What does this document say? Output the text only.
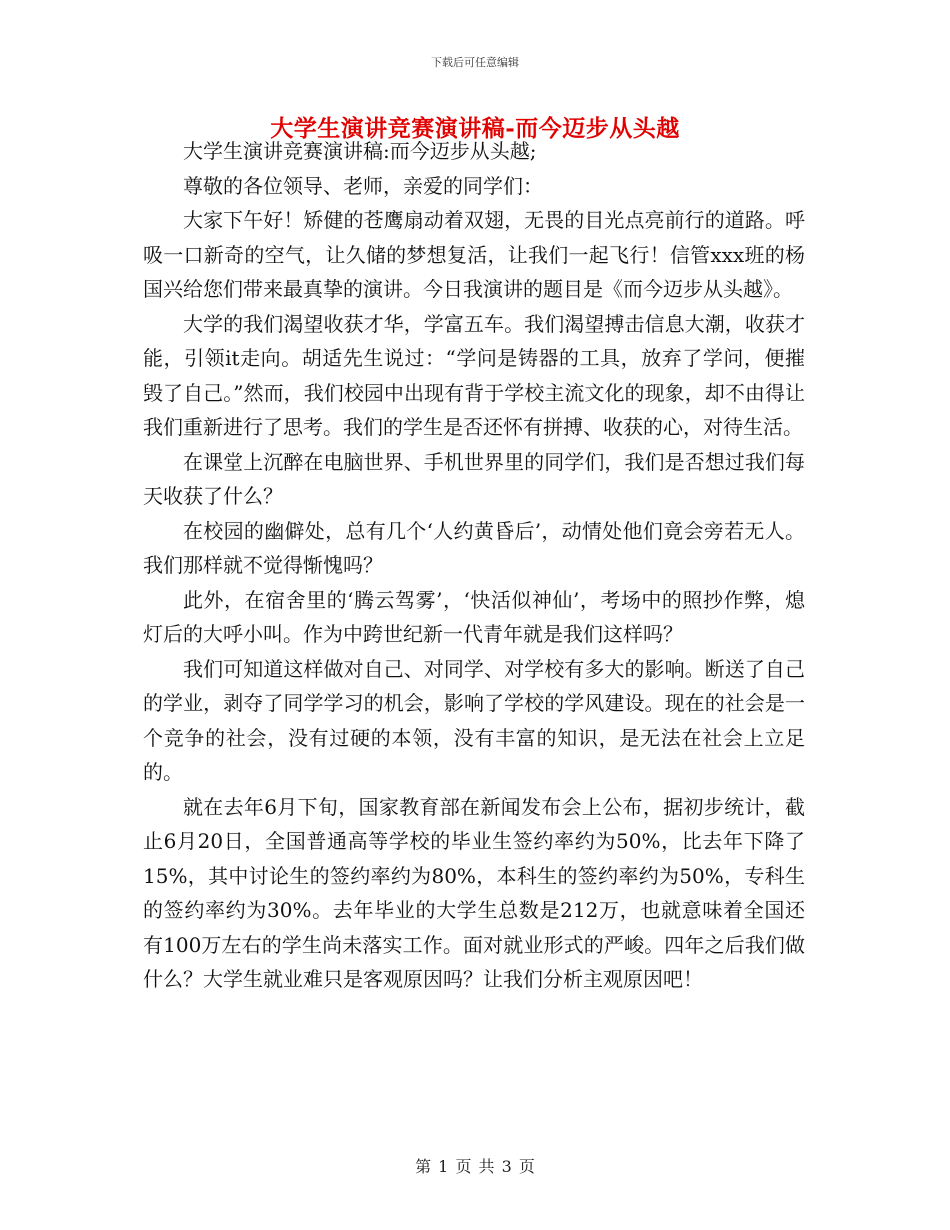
下载后可任意编辑
大学生演讲竞赛演讲稿-而今迈步从头越

大学生演讲竞赛演讲稿:而今迈步从头越;

尊敬的各位领导、老师，亲爱的同学们：

大家下午好！矫健的苍鹰扇动着双翅，无畏的目光点亮前行的道路。呼吸一口新奇的空气，让久储的梦想复活，让我们一起飞行！信管xxx班的杨国兴给您们带来最真挚的演讲。今日我演讲的题目是《而今迈步从头越》。

大学的我们渴望收获才华，学富五车。我们渴望搏击信息大潮，收获才能，引领it走向。胡适先生说过：“学问是铸器的工具，放弃了学问，便摧毁了自己。”然而，我们校园中出现有背于学校主流文化的现象，却不由得让我们重新进行了思考。我们的学生是否还怀有拼搏、收获的心，对待生活。

在课堂上沉醉在电脑世界、手机世界里的同学们，我们是否想过我们每天收获了什么？

在校园的幽僻处，总有几个‘人约黄昏后’，动情处他们竟会旁若无人。我们那样就不觉得惭愧吗？

此外，在宿舍里的‘腾云驾雾’，‘快活似神仙’，考场中的照抄作弊，熄灯后的大呼小叫。作为中跨世纪新一代青年就是我们这样吗？

我们可知道这样做对自己、对同学、对学校有多大的影响。断送了自己的学业，剥夺了同学学习的机会，影响了学校的学风建设。现在的社会是一个竞争的社会，没有过硬的本领，没有丰富的知识，是无法在社会上立足的。

就在去年6月下旬，国家教育部在新闻发布会上公布，据初步统计，截止6月20日，全国普通高等学校的毕业生签约率约为50%，比去年下降了15%，其中讨论生的签约率约为80%，本科生的签约率约为50%，专科生的签约率约为30%。去年毕业的大学生总数是212万，也就意味着全国还有100万左右的学生尚未落实工作。面对就业形式的严峻。四年之后我们做什么？大学生就业难只是客观原因吗？让我们分析主观原因吧！

第 1 页 共 3 页
